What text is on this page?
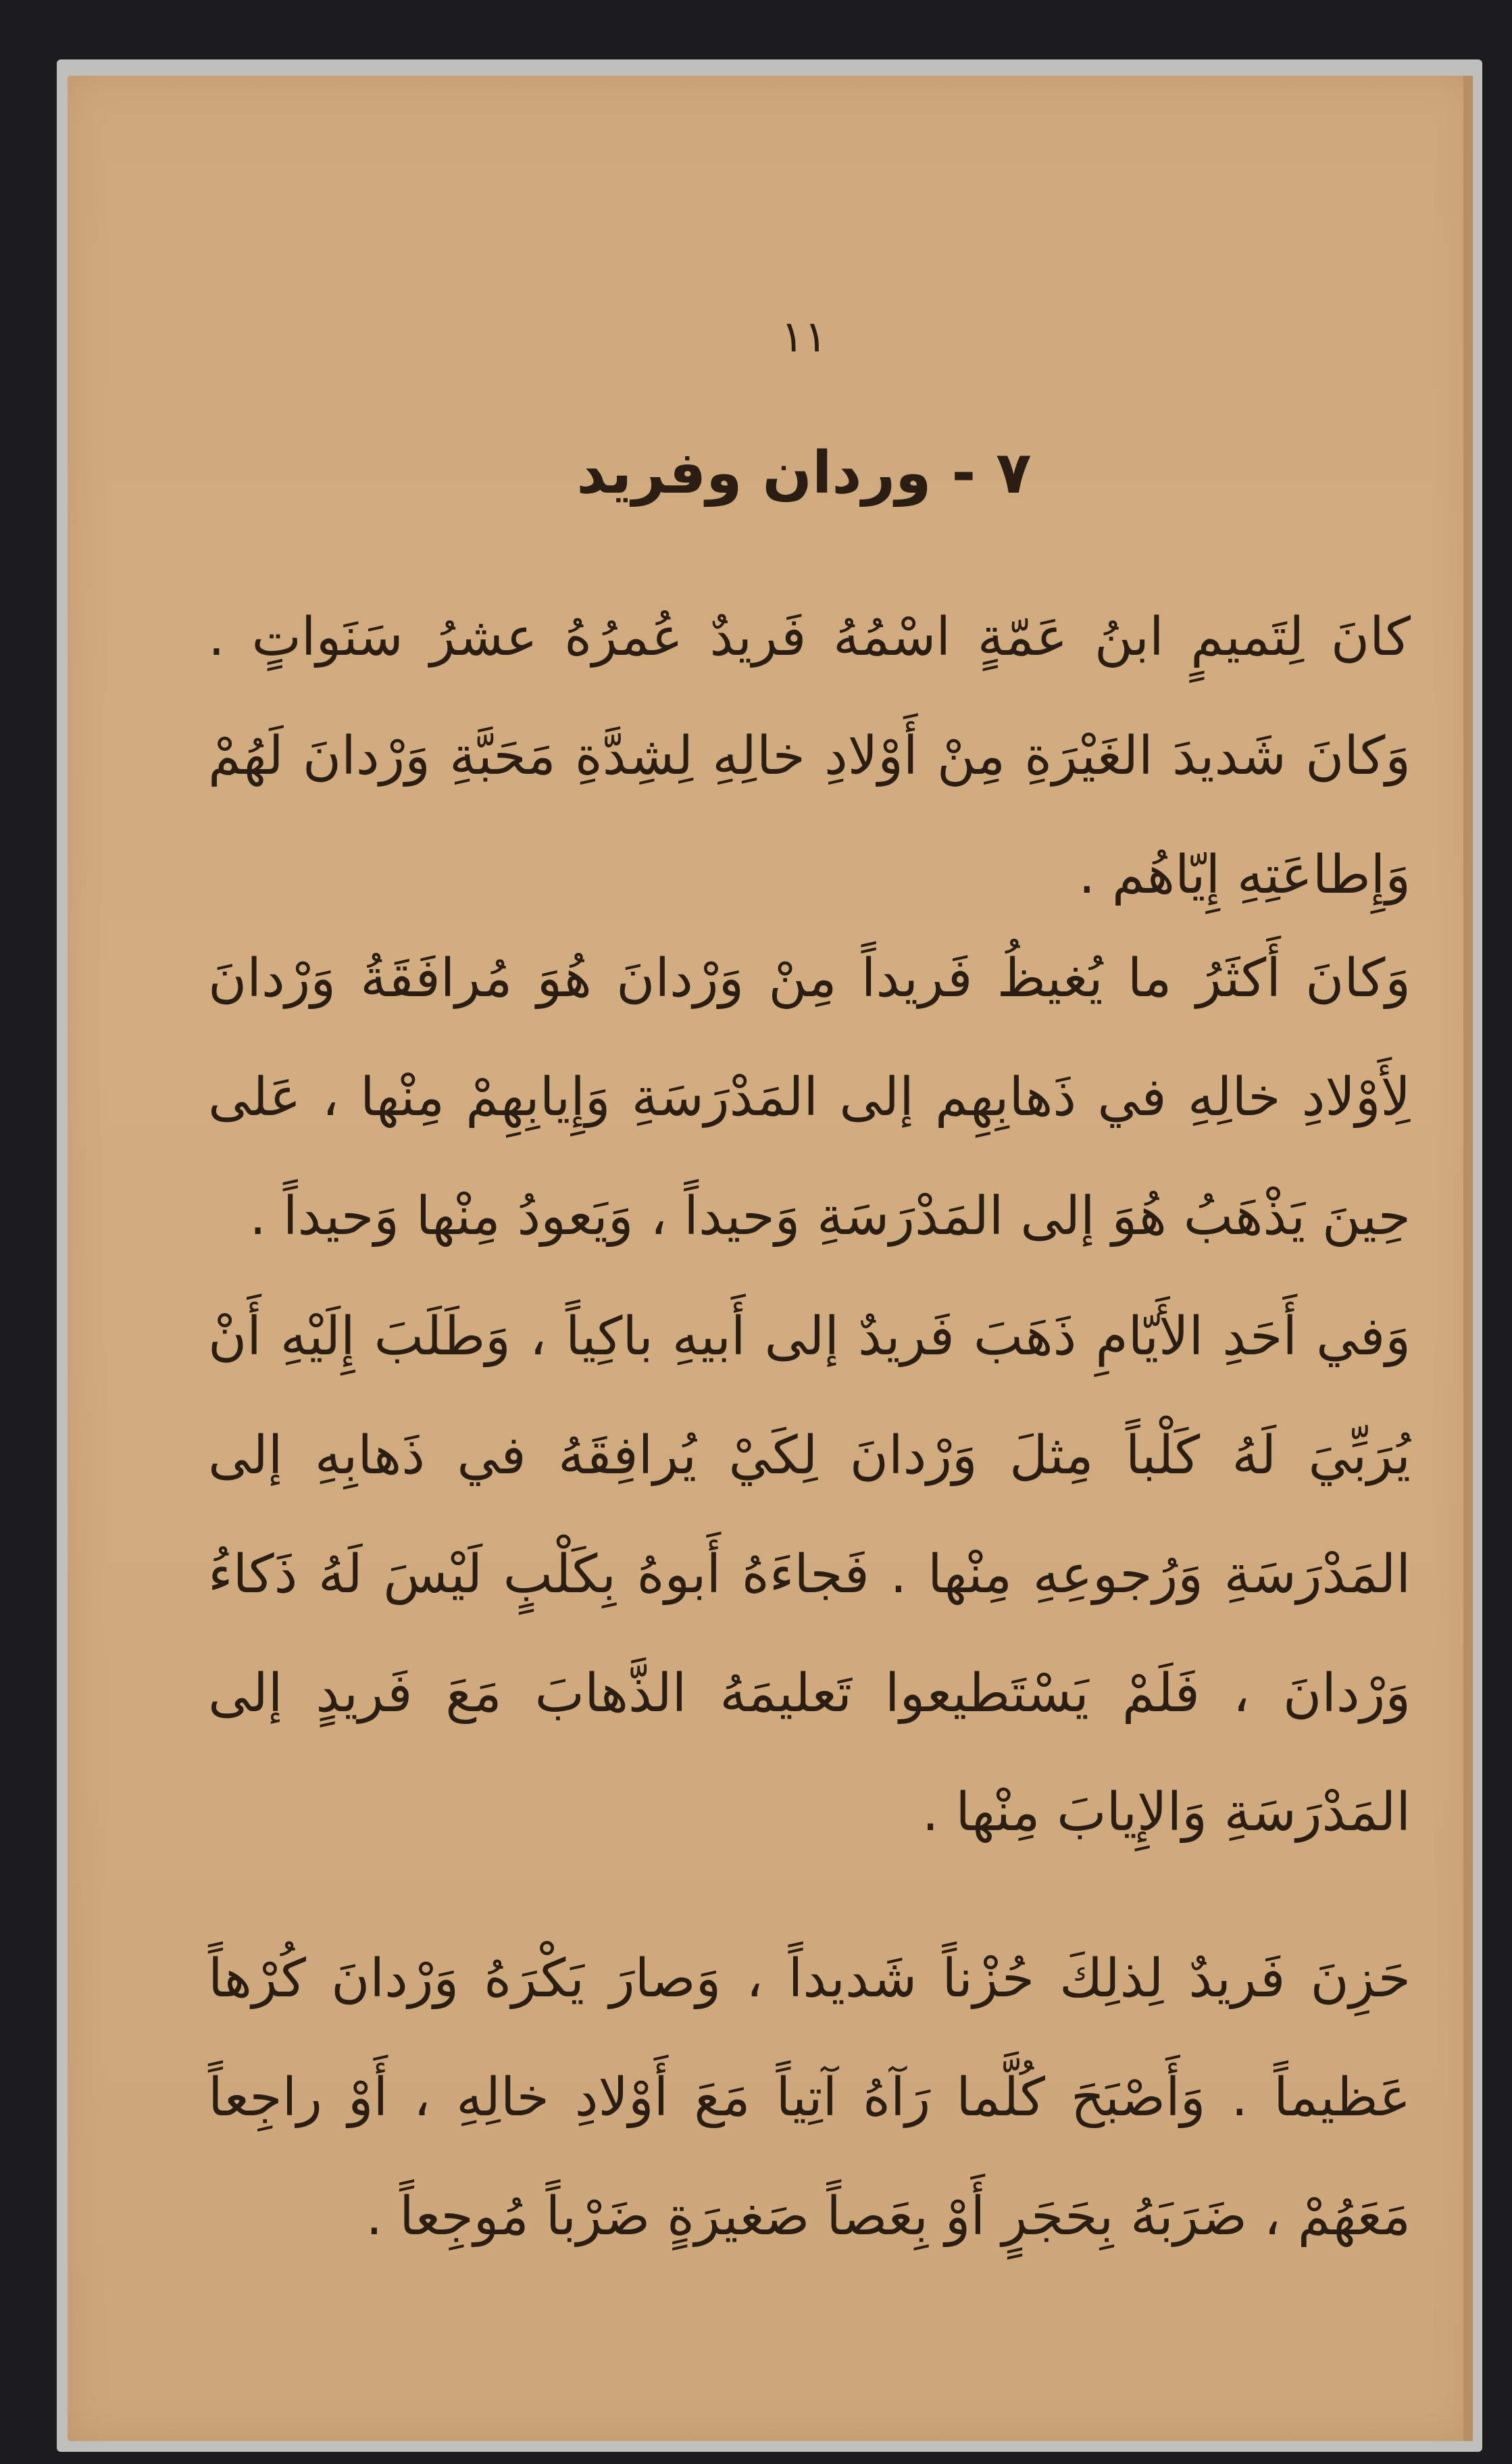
١١
٧ - وردان وفريد
كانَ لِتَميمٍ ابنُ عَمّةٍ اسْمُهُ فَريدٌ عُمرُهُ عشرُ سَنَواتٍ . وَكانَ شَديدَ الغَيْرَةِ مِنْ أَوْلادِ خالِهِ لِشِدَّةِ مَحَبَّةِ وَرْدانَ لَهُمْ وَإِطاعَتِهِ إِيّاهُم .
وَكانَ أَكثَرُ ما يُغيظُ فَريداً مِنْ وَرْدانَ هُوَ مُرافَقَةُ وَرْدانَ لِأَوْلادِ خالِهِ في ذَهابِهِم إلى المَدْرَسَةِ وَإِيابِهِمْ مِنْها ، عَلى حِينَ يَذْهَبُ هُوَ إلى المَدْرَسَةِ وَحيداً ، وَيَعودُ مِنْها وَحيداً .
وَفي أَحَدِ الأَيّامِ ذَهَبَ فَريدٌ إلى أَبيهِ باكِياً ، وَطَلَبَ إِلَيْهِ أَنْ يُرَبِّيَ لَهُ كَلْباً مِثلَ وَرْدانَ لِكَيْ يُرافِقَهُ في ذَهابِهِ إلى المَدْرَسَةِ وَرُجوعِهِ مِنْها . فَجاءَهُ أَبوهُ بِكَلْبٍ لَيْسَ لَهُ ذَكاءُ وَرْدانَ ، فَلَمْ يَسْتَطيعوا تَعليمَهُ الذَّهابَ مَعَ فَريدٍ إلى المَدْرَسَةِ وَالإِيابَ مِنْها .
حَزِنَ فَريدٌ لِذلِكَ حُزْناً شَديداً ، وَصارَ يَكْرَهُ وَرْدانَ كُرْهاً عَظيماً . وَأَصْبَحَ كُلَّما رَآهُ آتِياً مَعَ أَوْلادِ خالِهِ ، أَوْ راجِعاً مَعَهُمْ ، ضَرَبَهُ بِحَجَرٍ أَوْ بِعَصاً صَغيرَةٍ ضَرْباً مُوجِعاً .
